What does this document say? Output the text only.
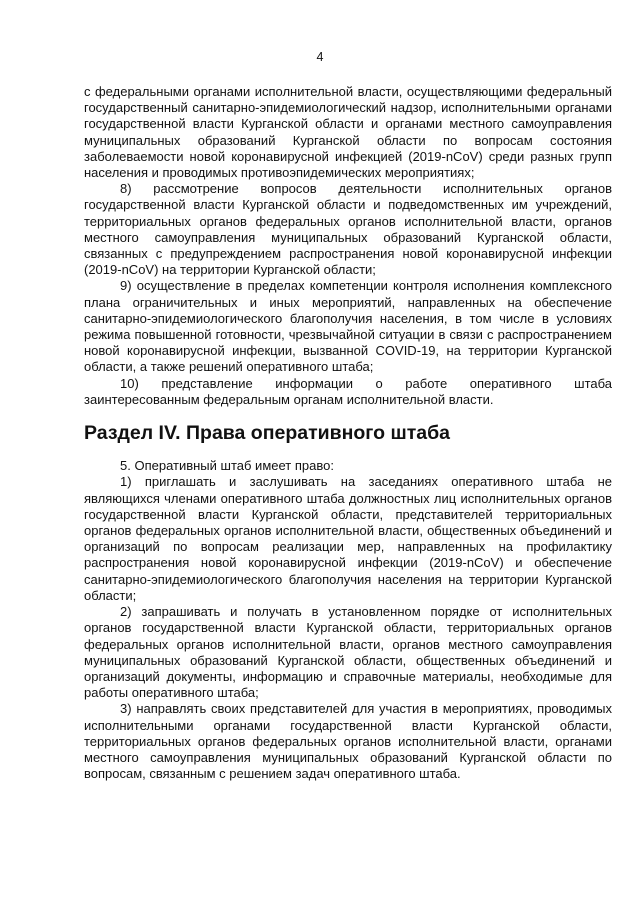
4

с федеральными органами исполнительной власти, осуществляющими федеральный государственный санитарно-эпидемиологический надзор, исполнительными органами государственной власти Курганской области и органами местного самоуправления муниципальных образований Курганской области по вопросам состояния заболеваемости новой коронавирусной инфекцией (2019-nCoV) среди разных групп населения и проводимых противоэпидемических мероприятиях;

8) рассмотрение вопросов деятельности исполнительных органов государственной власти Курганской области и подведомственных им учреждений, территориальных органов федеральных органов исполнительной власти, органов местного самоуправления муниципальных образований Курганской области, связанных с предупреждением распространения новой коронавирусной инфекции (2019-nCoV) на территории Курганской области;

9) осуществление в пределах компетенции контроля исполнения комплексного плана ограничительных и иных мероприятий, направленных на обеспечение санитарно-эпидемиологического благополучия населения, в том числе в условиях режима повышенной готовности, чрезвычайной ситуации в связи с распространением новой коронавирусной инфекции, вызванной COVID-19, на территории Курганской области, а также решений оперативного штаба;

10) представление информации о работе оперативного штаба заинтересованным федеральным органам исполнительной власти.

Раздел IV. Права оперативного штаба

5. Оперативный штаб имеет право:

1) приглашать и заслушивать на заседаниях оперативного штаба не являющихся членами оперативного штаба должностных лиц исполнительных органов государственной власти Курганской области, представителей территориальных органов федеральных органов исполнительной власти, общественных объединений и организаций по вопросам реализации мер, направленных на профилактику распространения новой коронавирусной инфекции (2019-nCoV) и обеспечение санитарно-эпидемиологического благополучия населения на территории Курганской области;

2) запрашивать и получать в установленном порядке от исполнительных органов государственной власти Курганской области, территориальных органов федеральных органов исполнительной власти, органов местного самоуправления муниципальных образований Курганской области, общественных объединений и организаций документы, информацию и справочные материалы, необходимые для работы оперативного штаба;

3) направлять своих представителей для участия в мероприятиях, проводимых исполнительными органами государственной власти Курганской области, территориальных органов федеральных органов исполнительной власти, органами местного самоуправления муниципальных образований Курганской области по вопросам, связанным с решением задач оперативного штаба.
